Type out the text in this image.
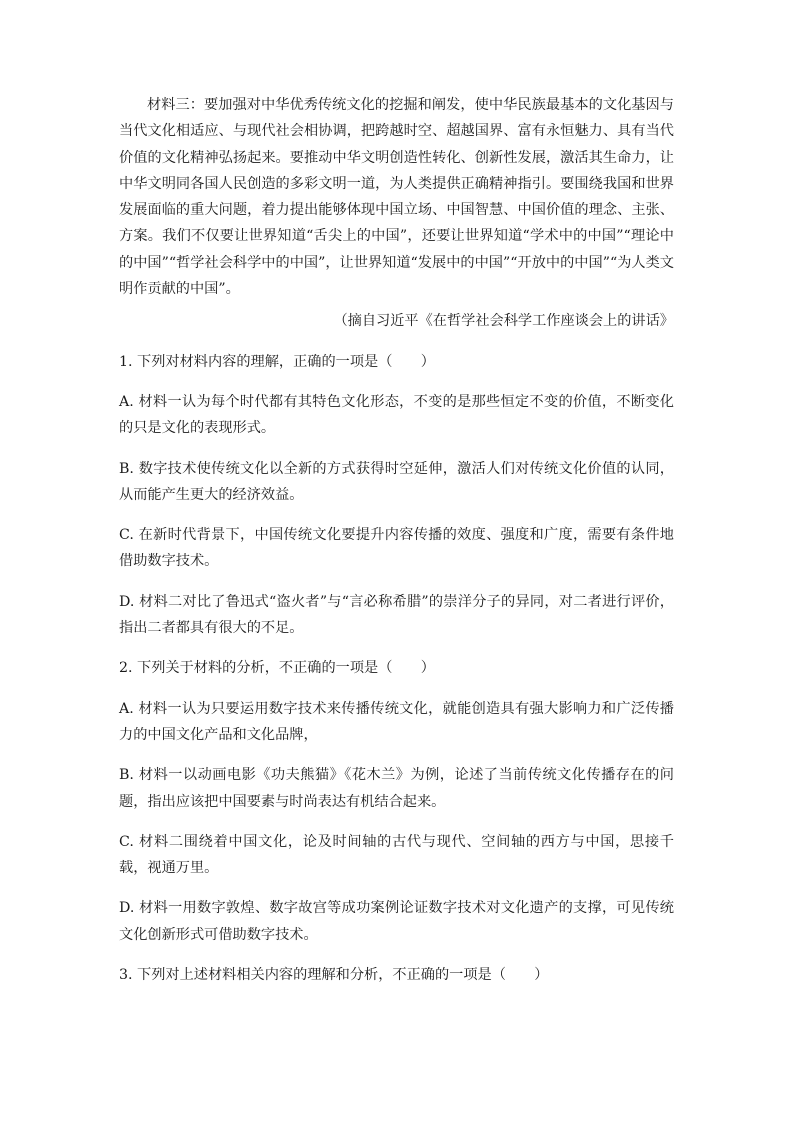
材料三：要加强对中华优秀传统文化的挖掘和阐发，使中华民族最基本的文化基因与当代文化相适应、与现代社会相协调，把跨越时空、超越国界、富有永恒魅力、具有当代价值的文化精神弘扬起来。要推动中华文明创造性转化、创新性发展，激活其生命力，让中华文明同各国人民创造的多彩文明一道，为人类提供正确精神指引。要围绕我国和世界发展面临的重大问题，着力提出能够体现中国立场、中国智慧、中国价值的理念、主张、方案。我们不仅要让世界知道“舌尖上的中国”，还要让世界知道“学术中的中国”“理论中的中国”“哲学社会科学中的中国”，让世界知道“发展中的中国”“开放中的中国”“为人类文明作贡献的中国”。

（摘自习近平《在哲学社会科学工作座谈会上的讲话》

1. 下列对材料内容的理解，正确的一项是（　　）

A. 材料一认为每个时代都有其特色文化形态，不变的是那些恒定不变的价值，不断变化的只是文化的表现形式。

B. 数字技术使传统文化以全新的方式获得时空延伸，激活人们对传统文化价值的认同，从而能产生更大的经济效益。

C. 在新时代背景下，中国传统文化要提升内容传播的效度、强度和广度，需要有条件地借助数字技术。

D. 材料二对比了鲁迅式“盗火者”与“言必称希腊”的崇洋分子的异同，对二者进行评价，指出二者都具有很大的不足。

2. 下列关于材料的分析，不正确的一项是（　　）

A. 材料一认为只要运用数字技术来传播传统文化，就能创造具有强大影响力和广泛传播力的中国文化产品和文化品牌，

B. 材料一以动画电影《功夫熊猫》《花木兰》为例，论述了当前传统文化传播存在的问题，指出应该把中国要素与时尚表达有机结合起来。

C. 材料二围绕着中国文化，论及时间轴的古代与现代、空间轴的西方与中国，思接千载，视通万里。

D. 材料一用数字敦煌、数字故宫等成功案例论证数字技术对文化遗产的支撑，可见传统文化创新形式可借助数字技术。

3. 下列对上述材料相关内容的理解和分析，不正确的一项是（　　）
